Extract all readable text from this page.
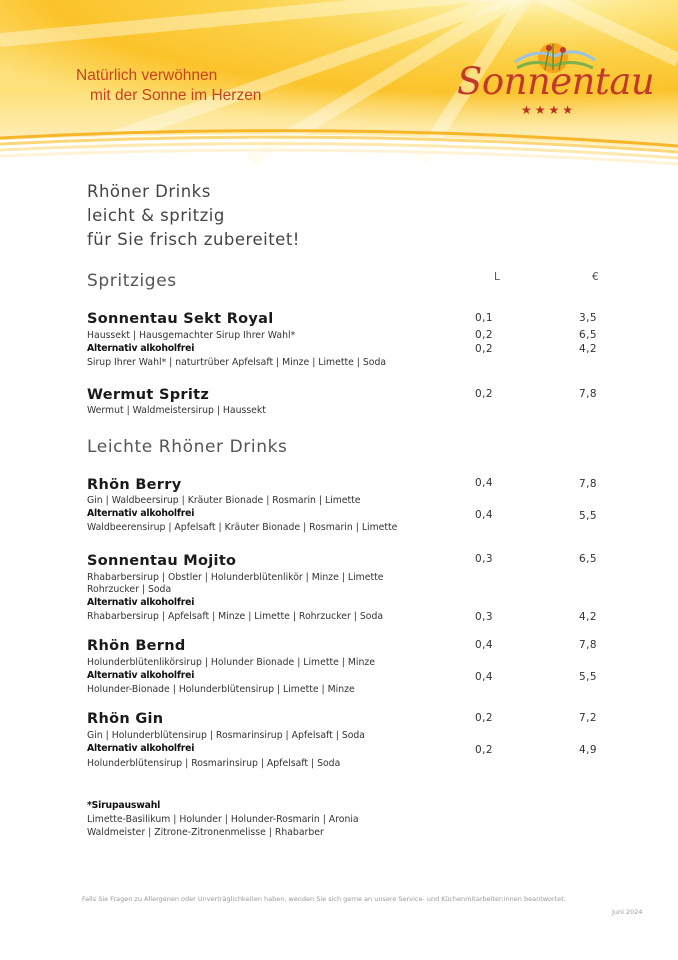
Natürlich verwöhnen

mit der Sonne im Herzen	Sonnentau
★★★★
Rhöner Drinks
leicht & spritzig
für Sie frisch zubereitet!
L	€
Spritziges
Sonnentau Sekt Royal
Haussekt | Hausgemachter Sirup Ihrer Wahl*
Alternativ alkoholfrei
Sirup Ihrer Wahl* | naturtrüber Apfelsaft | Minze | Limette | Soda
0,1	3,5
0,2	6,5
0,2	4,2
Wermut Spritz
Wermut | Waldmeistersirup | Haussekt
0,2	7,8
Leichte Rhöner Drinks
Rhön Berry
Gin | Waldbeersirup | Kräuter Bionade | Rosmarin | Limette
Alternativ alkoholfrei
Waldbeerensirup | Apfelsaft | Kräuter Bionade | Rosmarin | Limette
0,4	7,8
0,4	5,5
Sonnentau Mojito
Rhabarbersirup | Obstler | Holunderblütenlikör | Minze | Limette
Rohrzucker | Soda
Alternativ alkoholfrei
Rhabarbersirup | Apfelsaft | Minze | Limette | Rohrzucker | Soda
0,3	6,5
0,3	4,2
Rhön Bernd
Holunderblütenlikörsirup | Holunder Bionade | Limette | Minze
Alternativ alkoholfrei
Holunder-Bionade | Holunderblütensirup | Limette | Minze
0,4	7,8
0,4	5,5
Rhön Gin
Gin | Holunderblütensirup | Rosmarinsirup | Apfelsaft | Soda
Alternativ alkoholfrei
Holunderblütensirup | Rosmarinsirup | Apfelsaft | Soda
0,2	7,2
0,2	4,9
*Sirupauswahl
Limette-Basilikum | Holunder | Holunder-Rosmarin | Aronia
Waldmeister | Zitrone-Zitronenmelisse | Rhabarber
Falls Sie Fragen zu Allergenen oder Unverträglichkeiten haben, wenden Sie sich gerne an unsere Service- und Küchenmitarbeiter:innen beantwortet.
Juni 2024
